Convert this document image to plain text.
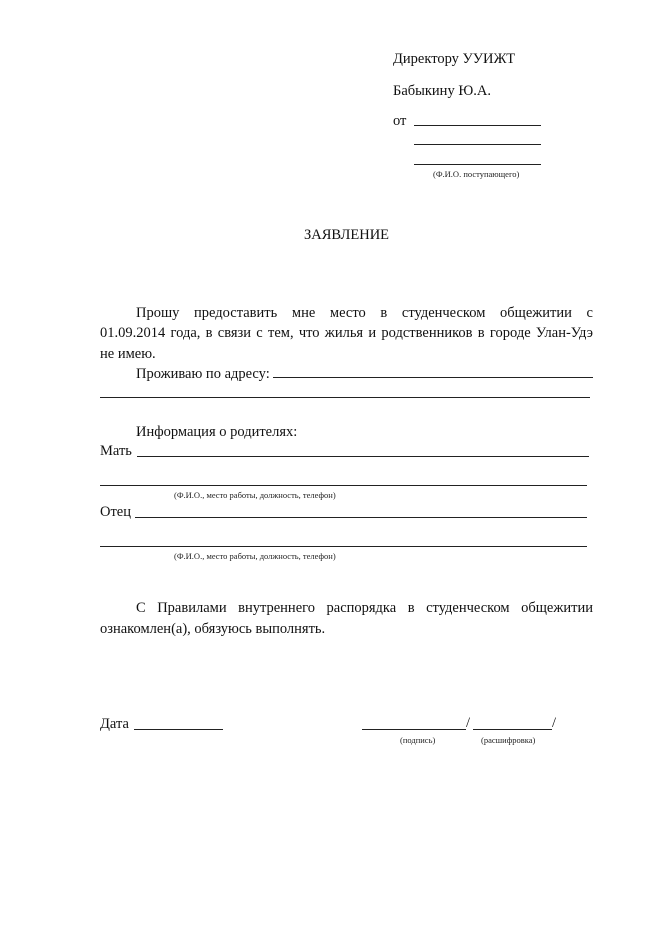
Директору УУИЖТ
Бабыкину Ю.А.
от
(Ф.И.О. поступающего)
ЗАЯВЛЕНИЕ
Прошу предоставить мне место в студенческом общежитии с
01.09.2014 года, в связи с тем, что жилья и родственников в городе Улан-Удэ
не имею.
Проживаю по адресу:
Информация о родителях:
Мать
(Ф.И.О., место работы, должность, телефон)
Отец
(Ф.И.О., место работы, должность, телефон)
С Правилами внутреннего распорядка в студенческом общежитии
ознакомлен(а), обязуюсь выполнять.
Дата	/	/
(подпись)	(расшифровка)
